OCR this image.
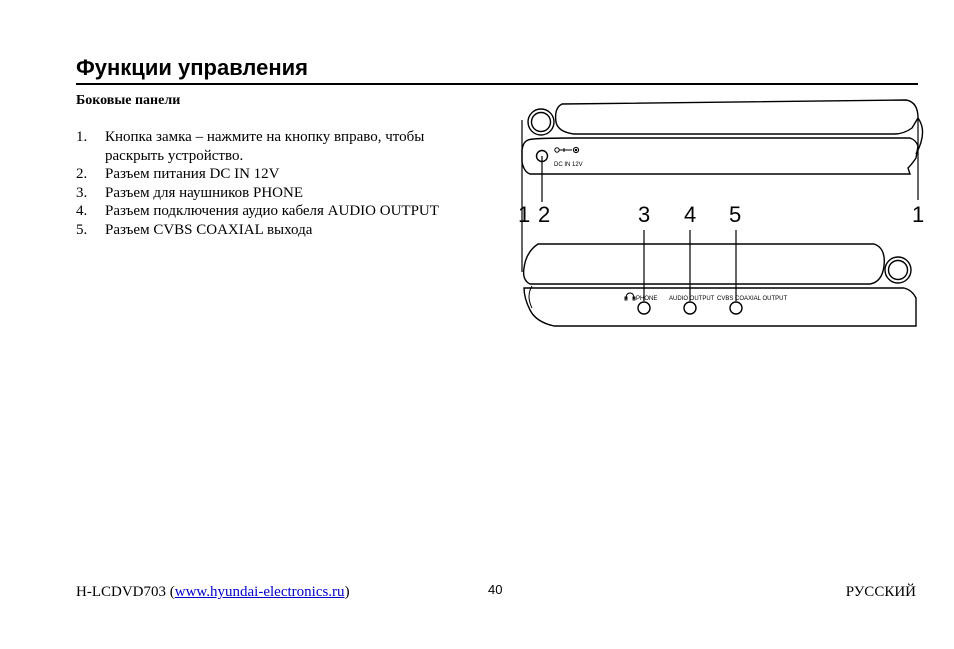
Функции управления
Боковые панели
1. Кнопка замка – нажмите на кнопку вправо, чтобы раскрыть устройство.
2. Разъем питания DC IN 12V
3. Разъем для наушников PHONE
4. Разъем подключения аудио кабеля AUDIO OUTPUT
5. Разъем CVBS COAXIAL выхода
DC IN 12V
1 2	3 4 5	1
PHONE AUDIO OUTPUT CVBS COAXIAL OUTPUT
H-LCDVD703 (www.hyundai-electronics.ru)	40	РУССКИЙ
